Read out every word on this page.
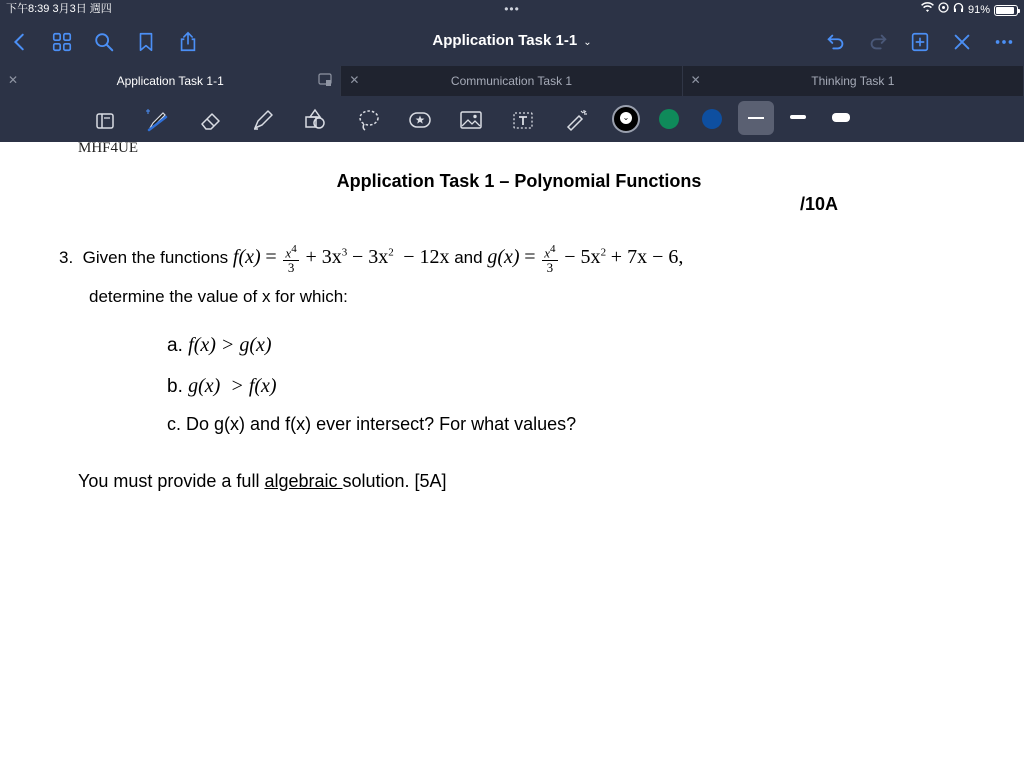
下午8:39 3月3日 週四	•••	91%
Application Task 1-1 ⌄
✕	Application Task 1-1	✕	Communication Task 1	✕	Thinking Task 1
⌄
MHF4UE
Application Task 1 – Polynomial Functions
/10A
3. Given the functions $f(x) = \frac{x^4}{3} + 3x^3 - 3x^2 - 12x$ and $g(x) = \frac{x^4}{3} - 5x^2 + 7x - 6$,
determine the value of x for which:
a. f(x) > g(x)
b. g(x)  > f(x)
c. Do g(x) and f(x) ever intersect? For what values?
You must provide a full algebraic solution. [5A]
